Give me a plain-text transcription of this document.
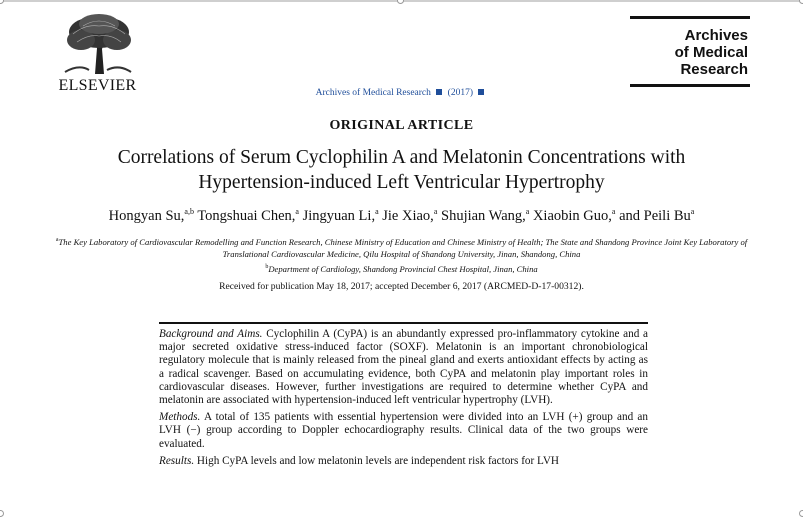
ELSEVIER	Archives of Medical Research (2017)
Archives
of Medical
Research
ORIGINAL ARTICLE
Correlations of Serum Cyclophilin A and Melatonin Concentrations with
Hypertension-induced Left Ventricular Hypertrophy
Hongyan Su,$^{a,b}$ Tongshuai Chen,$^a$ Jingyuan Li,$^a$ Jie Xiao,$^a$ Shujian Wang,$^a$ Xiaobin Guo,$^a$ and Peili Bu$^a$
$^a$The Key Laboratory of Cardiovascular Remodelling and Function Research, Chinese Ministry of Education and Chinese Ministry of Health; The State and Shandong Province Joint Key Laboratory of Translational Cardiovascular Medicine, Qilu Hospital of Shandong University, Jinan, Shandong, China
$^b$Department of Cardiology, Shandong Provincial Chest Hospital, Jinan, China
Received for publication May 18, 2017; accepted December 6, 2017 (ARCMED-D-17-00312).

Background and Aims. Cyclophilin A (CyPA) is an abundantly expressed pro-inflammatory cytokine and a major secreted oxidative stress-induced factor (SOXF). Melatonin is an important chronobiological regulatory molecule that is mainly released from the pineal gland and exerts antioxidant effects by acting as a radical scavenger. Based on accumulating evidence, both CyPA and melatonin play important roles in cardiovascular diseases. However, further investigations are required to determine whether CyPA and melatonin are associated with hypertension-induced left ventricular hypertrophy (LVH).

Methods. A total of 135 patients with essential hypertension were divided into an LVH (+) group and an LVH (−) group according to Doppler echocardiography results. Clinical data of the two groups were evaluated.

Results. High CyPA levels and low melatonin levels are independent risk factors for LVH
